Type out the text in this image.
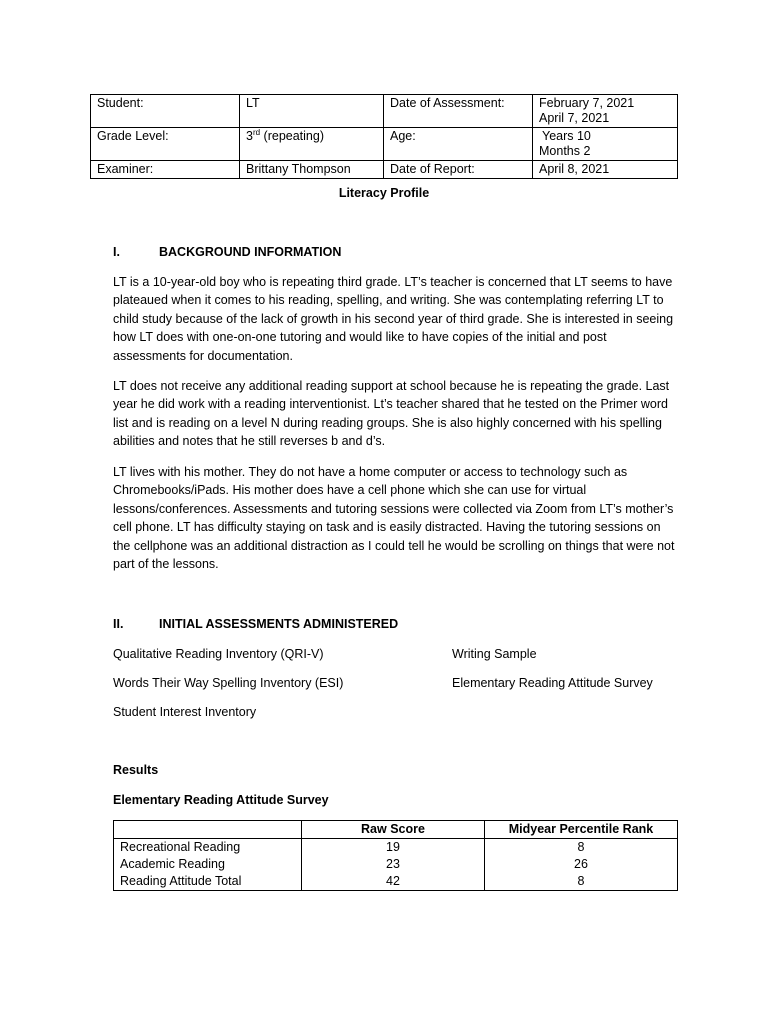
Student:	LT	Date of Assessment:	February 7, 2021
April 7, 2021

Grade Level:	3rd (repeating)	Age:	Years 10
Months 2

Examiner:	Brittany Thompson	Date of Report:	April 8, 2021
Literacy Profile
I.	BACKGROUND INFORMATION
LT is a 10-year-old boy who is repeating third grade. LT’s teacher is concerned that LT seems to have plateaued when it comes to his reading, spelling, and writing. She was contemplating referring LT to child study because of the lack of growth in his second year of third grade. She is interested in seeing how LT does with one-on-one tutoring and would like to have copies of the initial and post assessments for documentation.
LT does not receive any additional reading support at school because he is repeating the grade. Last year he did work with a reading interventionist. Lt’s teacher shared that he tested on the Primer word list and is reading on a level N during reading groups. She is also highly concerned with his spelling abilities and notes that he still reverses b and d’s.
LT lives with his mother. They do not have a home computer or access to technology such as Chromebooks/iPads. His mother does have a cell phone which she can use for virtual lessons/conferences. Assessments and tutoring sessions were collected via Zoom from LT’s mother’s cell phone. LT has difficulty staying on task and is easily distracted. Having the tutoring sessions on the cellphone was an additional distraction as I could tell he would be scrolling on things that were not part of the lessons.
II.	INITIAL ASSESSMENTS ADMINISTERED
Qualitative Reading Inventory (QRI-V)
Words Their Way Spelling Inventory (ESI)
Student Interest Inventory
Writing Sample
Elementary Reading Attitude Survey
Results
Elementary Reading Attitude Survey
	Raw Score	Midyear Percentile Rank
Recreational Reading	19	8
Academic Reading	23	26
Reading Attitude Total	42	8
